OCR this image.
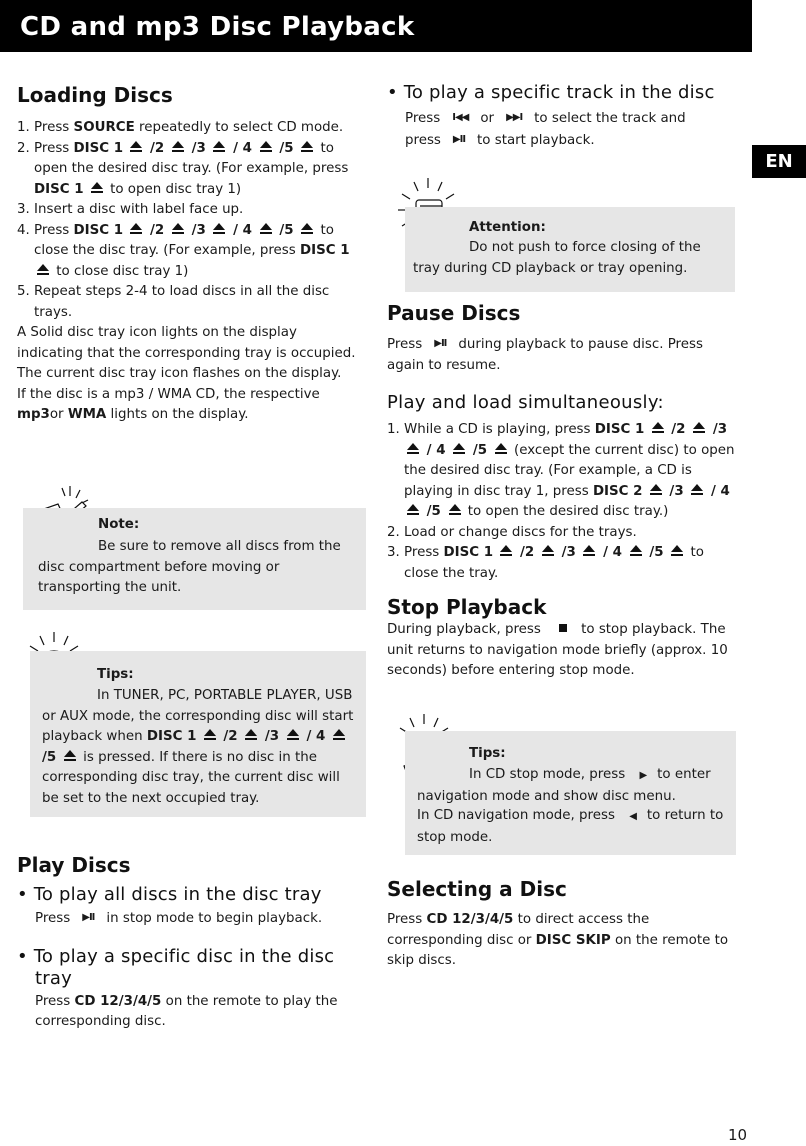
CD and mp3 Disc Playback
EN
Loading Discs
1. Press SOURCE repeatedly to select CD mode.
2. Press DISC 1  /2  /3  / 4  /5  to open the desired disc tray. (For example, press DISC 1  to open disc tray 1)
3. Insert a disc with label face up.
4. Press DISC 1  /2  /3  / 4  /5  to close the disc tray. (For example, press DISC 1  to close disc tray 1)
5. Repeat steps 2-4 to load discs in all the disc trays.

A Solid disc tray icon lights on the display indicating that the corresponding tray is occupied. The current disc tray icon flashes on the display.

If the disc is a mp3 / WMA CD, the respective mp3or WMA lights on the display.

Note:
Be sure to remove all discs from the disc compartment before moving or transporting the unit.
Tips:
In TUNER, PC, PORTABLE PLAYER, USB or AUX mode, the corresponding disc will start playback when DISC 1  /2  /3  / 4  /5  is pressed. If there is no disc in the corresponding disc tray, the current disc will be set to the next occupied tray.
Play Discs
• To play all discs in the disc tray
Press ▶II in stop mode to begin playback.
• To play a specific disc in the disc tray
Press CD 12/3/4/5 on the remote to play the corresponding disc.
• To play a specific track in the disc
Press I◀◀ or ▶▶I to select the track and
press ▶II to start playback.
Attention:
Do not push to force closing of the tray during CD playback or tray opening.
Pause Discs

Press ▶II during playback to pause disc. Press again to resume.

Play and load simultaneously:
1. While a CD is playing, press DISC 1  /2  /3  / 4  /5  (except the current disc) to open the desired disc tray. (For example, a CD is playing in disc tray 1, press DISC 2  /3  / 4  /5  to open the desired disc tray.)
2. Load or change discs for the trays.
3. Press DISC 1  /2  /3  / 4  /5  to close the tray.
Stop Playback

During playback, press	to stop playback. The unit returns to navigation mode briefly (approx. 10 seconds) before entering stop mode.

Tips:
In CD stop mode, press ▶ to enter navigation mode and show disc menu.
In CD navigation mode, press ◀ to return to stop mode.
Selecting a Disc

Press CD 12/3/4/5 to direct access the corresponding disc or DISC SKIP on the remote to skip discs.

10
